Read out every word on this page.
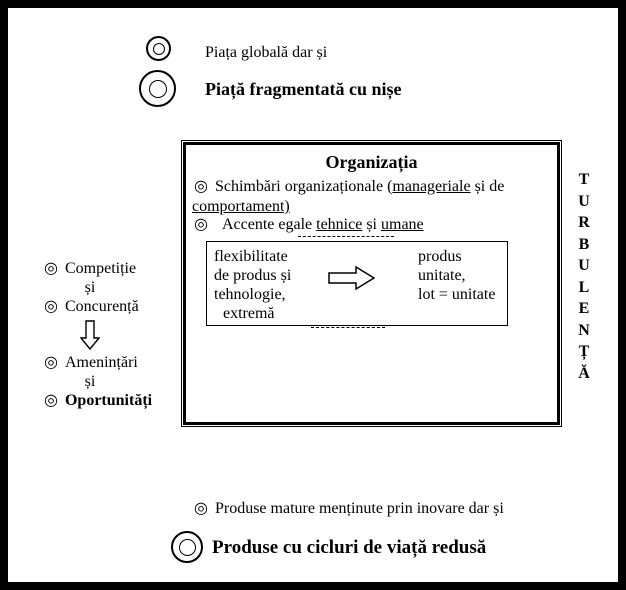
Piața globală dar și
Piață fragmentată cu nișe
Organizația
◎ Schimbări organizaționale (manageriale și de
comportament)
◎ Accente egale tehnice și umane
flexibilitate
de produs și
tehnologie,
extremă
produs
unitate,
lot = unitate
◎ Competiție
și
◎ Concurență
◎ Amenințări
și
◎ Oportunități
T
U
R
B
U
L
E
N
Ț
Ă
◎ Produse mature menținute prin inovare dar și
Produse cu cicluri de viață redusă
